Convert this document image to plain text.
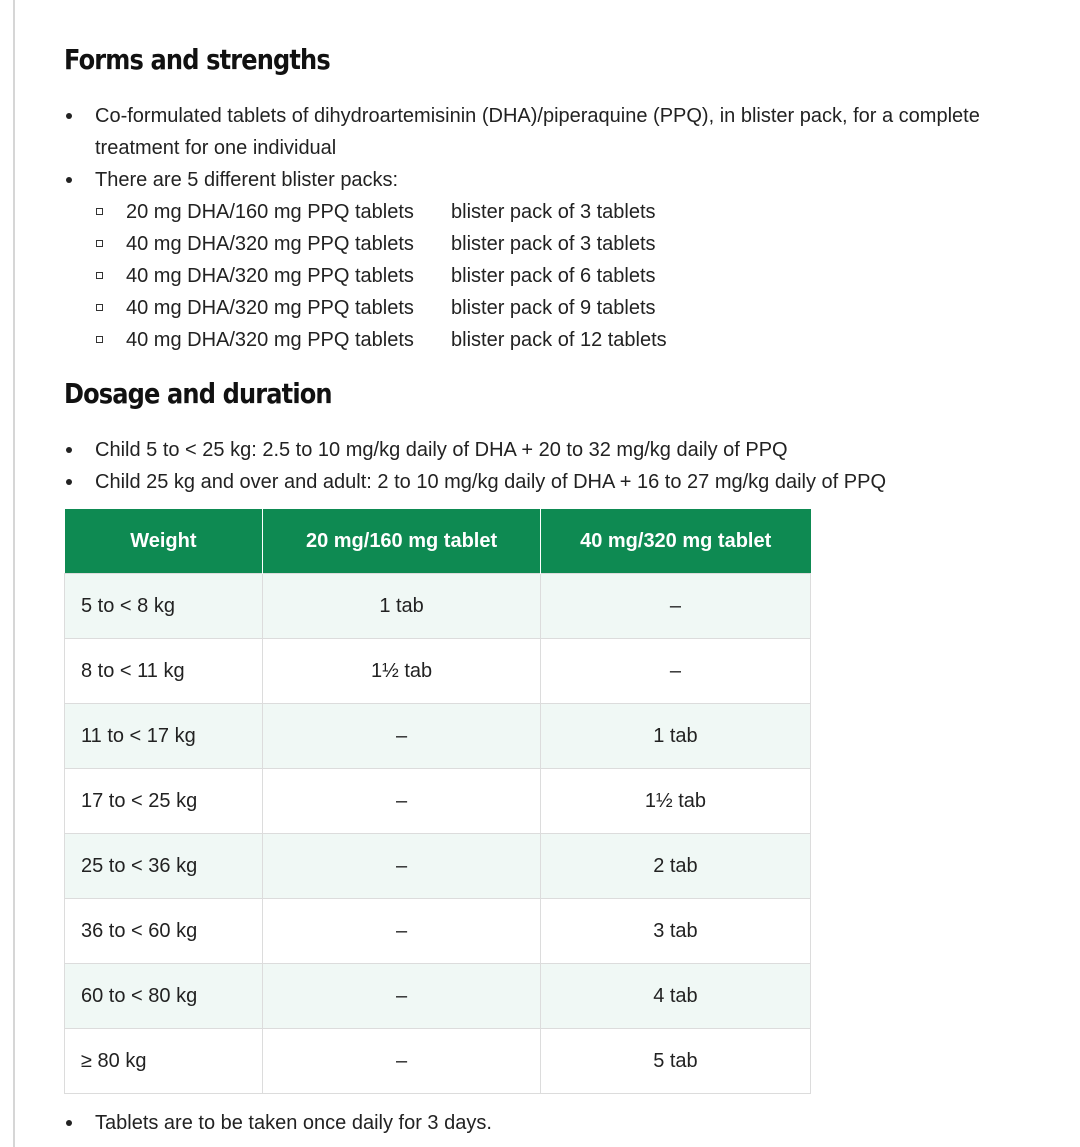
Forms and strengths
Co-formulated tablets of dihydroartemisinin (DHA)/piperaquine (PPQ), in blister pack, for a complete treatment for one individual
There are 5 different blister packs:
20 mg DHA/160 mg PPQ tablets blister pack of 3 tablets
40 mg DHA/320 mg PPQ tablets blister pack of 3 tablets
40 mg DHA/320 mg PPQ tablets blister pack of 6 tablets
40 mg DHA/320 mg PPQ tablets blister pack of 9 tablets
40 mg DHA/320 mg PPQ tablets blister pack of 12 tablets
Dosage and duration
Child 5 to < 25 kg: 2.5 to 10 mg/kg daily of DHA + 20 to 32 mg/kg daily of PPQ
Child 25 kg and over and adult: 2 to 10 mg/kg daily of DHA + 16 to 27 mg/kg daily of PPQ
Weight	20 mg/160 mg tablet	40 mg/320 mg tablet
5 to < 8 kg	1 tab	–
8 to < 11 kg	1½ tab	–
11 to < 17 kg	–	1 tab
17 to < 25 kg	–	1½ tab
25 to < 36 kg	–	2 tab
36 to < 60 kg	–	3 tab
60 to < 80 kg	–	4 tab
≥ 80 kg	–	5 tab
Tablets are to be taken once daily for 3 days.
